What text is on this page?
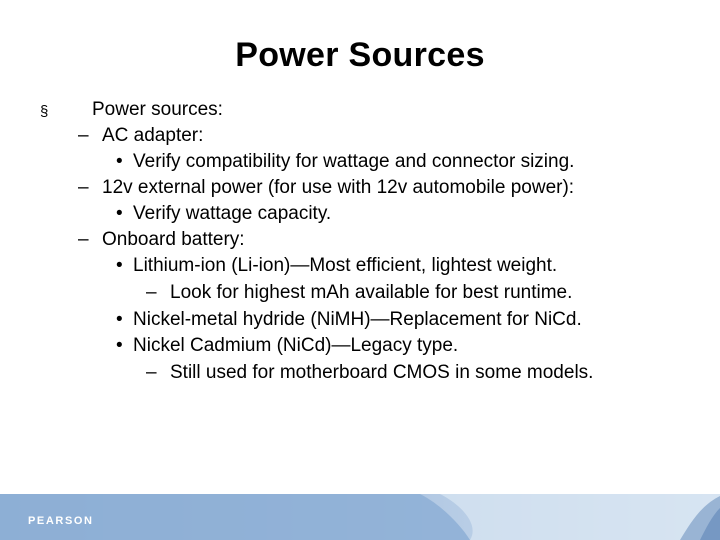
Power Sources
§ Power sources:
– AC adapter:
• Verify compatibility for wattage and connector sizing.
– 12v external power (for use with 12v automobile power):
• Verify wattage capacity.
– Onboard battery:
• Lithium-ion (Li-ion)—Most efficient, lightest weight.
– Look for highest mAh available for best runtime.
• Nickel-metal hydride (NiMH)—Replacement for NiCd.
• Nickel Cadmium (NiCd)—Legacy type.
– Still used for motherboard CMOS in some models.
PEARSON
